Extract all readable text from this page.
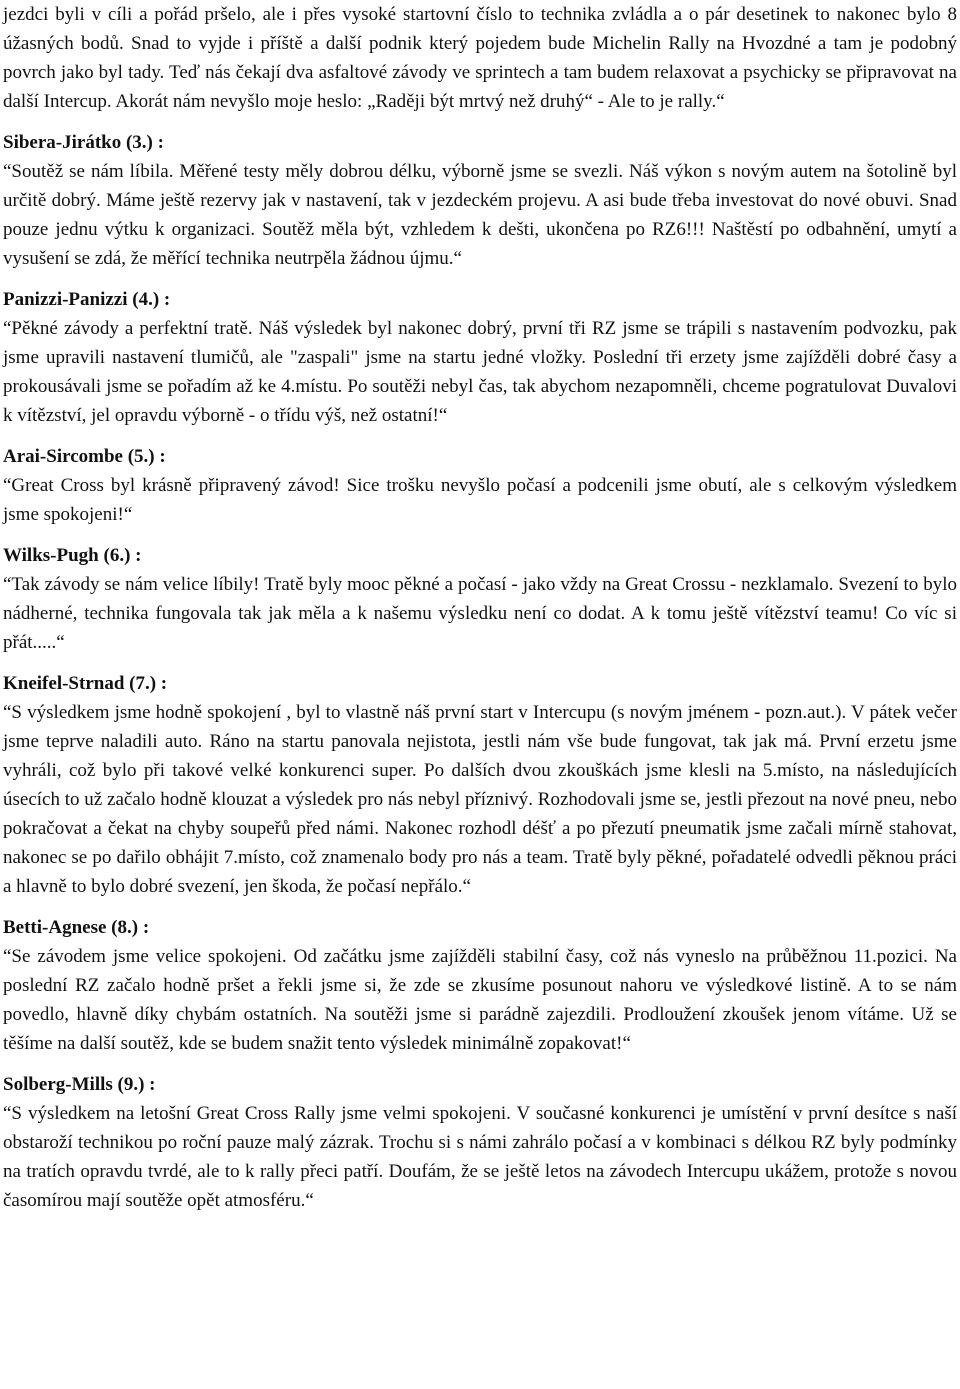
jezdci byli v cíli a pořád pršelo, ale i přes vysoké startovní číslo to technika zvládla a o pár desetinek to nakonec bylo 8 úžasných bodů. Snad to vyjde i příště a další podnik který pojedem bude Michelin Rally na Hvozdné a tam je podobný povrch jako byl tady. Teď nás čekají dva asfaltové závody ve sprintech a tam budem relaxovat a psychicky se připravovat na další Intercup. Akorát nám nevyšlo moje heslo: „Raději být mrtvý než druhý“ - Ale to je rally.“

Sibera-Jirátko (3.) :

“Soutěž se nám líbila. Měřené testy měly dobrou délku, výborně jsme se svezli. Náš výkon s novým autem na šotolině byl určitě dobrý. Máme ještě rezervy jak v nastavení, tak v jezdeckém projevu. A asi bude třeba investovat do nové obuvi. Snad pouze jednu výtku k organizaci. Soutěž měla být, vzhledem k dešti, ukončena po RZ6!!! Naštěstí po odbahnění, umytí a vysušení se zdá, že měřící technika neutrpěla žádnou újmu.“

Panizzi-Panizzi (4.) :

“Pěkné závody a perfektní tratě. Náš výsledek byl nakonec dobrý, první tři RZ jsme se trápili s nastavením podvozku, pak jsme upravili nastavení tlumičů, ale "zaspali" jsme na startu jedné vložky. Poslední tři erzety jsme zajížděli dobré časy a prokousávali jsme se pořadím až ke 4.místu. Po soutěži nebyl čas, tak abychom nezapomněli, chceme pogratulovat Duvalovi k vítězství, jel opravdu výborně - o třídu výš, než ostatní!“

Arai-Sircombe (5.) :

“Great Cross byl krásně připravený závod! Sice trošku nevyšlo počasí a podcenili jsme obutí, ale s celkovým výsledkem jsme spokojeni!“

Wilks-Pugh (6.) :

“Tak závody se nám velice líbily! Tratě byly mooc pěkné a počasí - jako vždy na Great Crossu - nezklamalo. Svezení to bylo nádherné, technika fungovala tak jak měla a k našemu výsledku není co dodat. A k tomu ještě vítězství teamu! Co víc si přát.....“

Kneifel-Strnad (7.) :

“S výsledkem jsme hodně spokojení , byl to vlastně náš první start v Intercupu (s novým jménem - pozn.aut.). V pátek večer jsme teprve naladili auto. Ráno na startu panovala nejistota, jestli nám vše bude fungovat, tak jak má. První erzetu jsme vyhráli, což bylo při takové velké konkurenci super. Po dalších dvou zkouškách jsme klesli na 5.místo, na následujících úsecích to už začalo hodně klouzat a výsledek pro nás nebyl příznivý. Rozhodovali jsme se, jestli přezout na nové pneu, nebo pokračovat a čekat na chyby soupeřů před námi. Nakonec rozhodl déšť a po přezutí pneumatik jsme začali mírně stahovat, nakonec se po dařilo obhájit 7.místo, což znamenalo body pro nás a team. Tratě byly pěkné, pořadatelé odvedli pěknou práci a hlavně to bylo dobré svezení, jen škoda, že počasí nepřálo.“

Betti-Agnese (8.) :

“Se závodem jsme velice spokojeni. Od začátku jsme zajížděli stabilní časy, což nás vyneslo na průběžnou 11.pozici. Na poslední RZ začalo hodně pršet a řekli jsme si, že zde se zkusíme posunout nahoru ve výsledkové listině. A to se nám povedlo, hlavně díky chybám ostatních. Na soutěži jsme si parádně zajezdili. Prodloužení zkoušek jenom vítáme. Už se těšíme na další soutěž, kde se budem snažit tento výsledek minimálně zopakovat!“

Solberg-Mills (9.) :

“S výsledkem na letošní Great Cross Rally jsme velmi spokojeni. V současné konkurenci je umístění v první desítce s naší obstaroží technikou po roční pauze malý zázrak. Trochu si s námi zahrálo počasí a v kombinaci s délkou RZ byly podmínky na tratích opravdu tvrdé, ale to k rally přeci patří. Doufám, že se ještě letos na závodech Intercupu ukážem, protože s novou časomírou mají soutěže opět atmosféru.“
